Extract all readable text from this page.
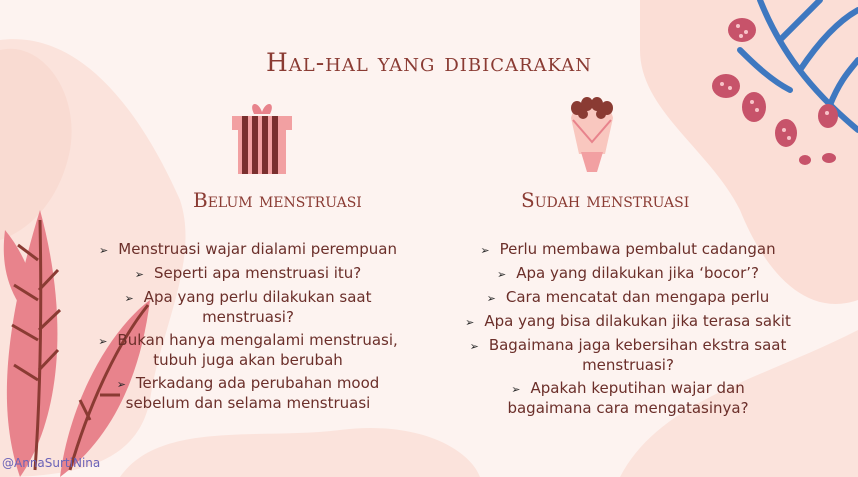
Hal-hal yang dibicarakan
Belum menstruasi	Sudah menstruasi
➢ Menstruasi wajar dialami perempuan
➢ Seperti apa menstruasi itu?
➢ Apa yang perlu dilakukan saat menstruasi?
➢ Bukan hanya mengalami menstruasi, tubuh juga akan berubah
➢ Terkadang ada perubahan mood sebelum dan selama menstruasi
➢ Perlu membawa pembalut cadangan
➢ Apa yang dilakukan jika ‘bocor’?
➢ Cara mencatat dan mengapa perlu
➢ Apa yang bisa dilakukan jika terasa sakit
➢ Bagaimana jaga kebersihan ekstra saat menstruasi?
➢ Apakah keputihan wajar dan bagaimana cara mengatasinya?
@AnnaSurtiNina
